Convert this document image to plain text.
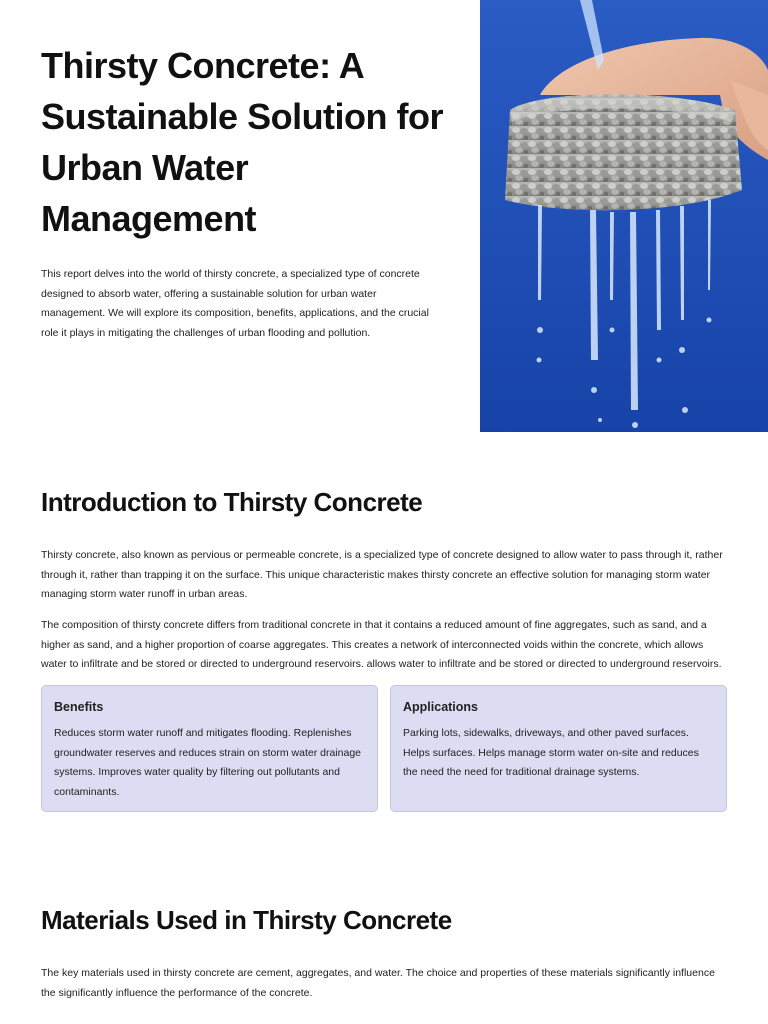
Thirsty Concrete: A Sustainable Solution for Urban Water Management

This report delves into the world of thirsty concrete, a specialized type of concrete designed to absorb water, offering a sustainable solution for urban water management. We will explore its composition, benefits, applications, and the crucial role it plays in mitigating the challenges of urban flooding and pollution.

Introduction to Thirsty Concrete

Thirsty concrete, also known as pervious or permeable concrete, is a specialized type of concrete designed to allow water to pass through it, rather through it, rather than trapping it on the surface. This unique characteristic makes thirsty concrete an effective solution for managing storm water managing storm water runoff in urban areas.

The composition of thirsty concrete differs from traditional concrete in that it contains a reduced amount of fine aggregates, such as sand, and a higher as sand, and a higher proportion of coarse aggregates. This creates a network of interconnected voids within the concrete, which allows water to infiltrate and be stored or directed to underground reservoirs. allows water to infiltrate and be stored or directed to underground reservoirs.

Benefits

Reduces storm water runoff and mitigates flooding. Replenishes groundwater reserves and reduces strain on storm water drainage systems. Improves water quality by filtering out pollutants and contaminants.

Applications

Parking lots, sidewalks, driveways, and other paved surfaces. Helps surfaces. Helps manage storm water on-site and reduces the need the need for traditional drainage systems.

Materials Used in Thirsty Concrete

The key materials used in thirsty concrete are cement, aggregates, and water. The choice and properties of these materials significantly influence the significantly influence the performance of the concrete.
